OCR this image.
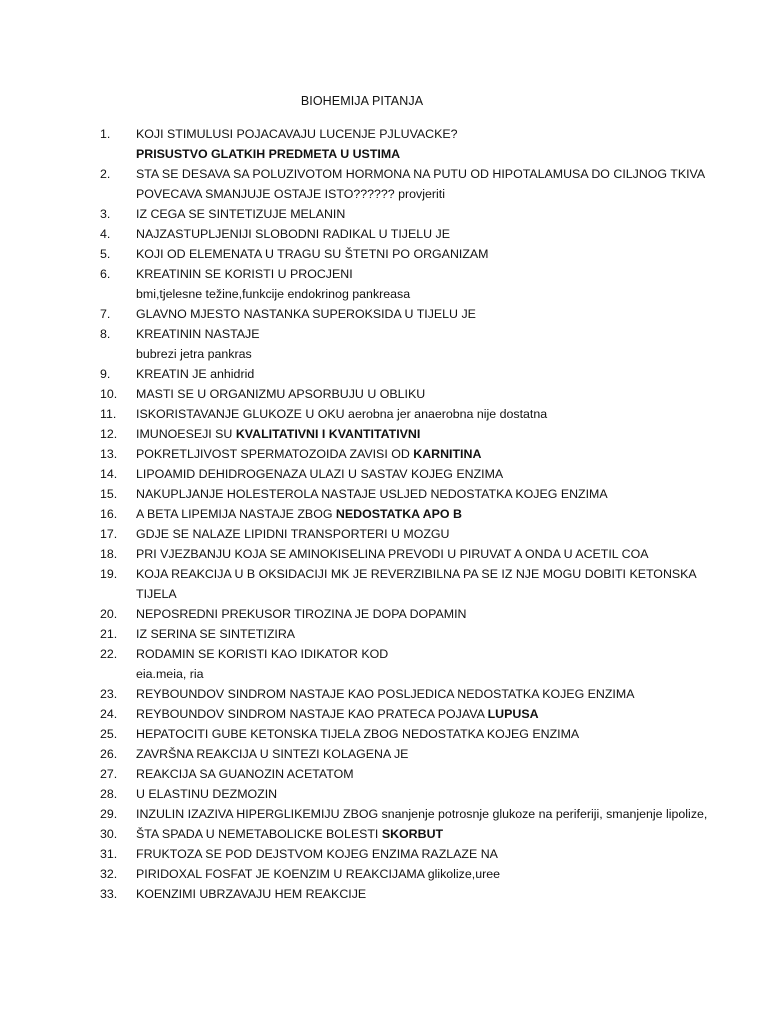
BIOHEMIJA PITANJA
1.	KOJI STIMULUSI POJACAVAJU LUCENJE PJLUVACKE?
PRISUSTVO GLATKIH PREDMETA U USTIMA
2.	STA SE DESAVA SA POLUZIVOTOM HORMONA NA PUTU OD HIPOTALAMUSA DO CILJNOG TKIVA
POVECAVA SMANJUJE OSTAJE ISTO?????? provjeriti
3.	IZ CEGA SE SINTETIZUJE MELANIN
4.	NAJZASTUPLJENIJI SLOBODNI RADIKAL U TIJELU JE
5.	KOJI OD ELEMENATA U TRAGU SU ŠTETNI PO ORGANIZAM
6.	KREATININ SE KORISTI U PROCJENI
bmi,tjelesne težine,funkcije endokrinog pankreasa
7.	GLAVNO MJESTO NASTANKA SUPEROKSIDA U TIJELU JE
8.	KREATININ NASTAJE
bubrezi jetra pankras
9.	KREATIN JE anhidrid
10.	MASTI SE U ORGANIZMU APSORBUJU U OBLIKU
11.	ISKORISTAVANJE GLUKOZE U OKU aerobna jer anaerobna nije dostatna
12.	IMUNOESEJI SU KVALITATIVNI I KVANTITATIVNI
13.	POKRETLJIVOST SPERMATOZOIDA ZAVISI OD KARNITINA
14.	LIPOAMID DEHIDROGENAZA ULAZI U SASTAV KOJEG ENZIMA
15.	NAKUPLJANJE HOLESTEROLA NASTAJE USLJED NEDOSTATKA KOJEG ENZIMA
16.	A BETA LIPEMIJA NASTAJE ZBOG NEDOSTATKA APO B
17.	GDJE SE NALAZE LIPIDNI TRANSPORTERI U MOZGU
18.	PRI VJEZBANJU KOJA SE AMINOKISELINA PREVODI U PIRUVAT A ONDA U ACETIL COA
19.	KOJA REAKCIJA U B OKSIDACIJI MK JE REVERZIBILNA PA SE IZ NJE MOGU DOBITI KETONSKA TIJELA
20.	NEPOSREDNI PREKUSOR TIROZINA JE DOPA DOPAMIN
21.	IZ SERINA SE SINTETIZIRA
22.	RODAMIN SE KORISTI KAO IDIKATOR KOD
eia.meia, ria
23.	REYBOUNDOV SINDROM NASTAJE KAO POSLJEDICA NEDOSTATKA KOJEG ENZIMA
24.	REYBOUNDOV SINDROM NASTAJE KAO PRATECA POJAVA LUPUSA
25.	HEPATOCITI GUBE KETONSKA TIJELA ZBOG NEDOSTATKA KOJEG ENZIMA
26.	ZAVRŠNA REAKCIJA U SINTEZI KOLAGENA JE
27.	REAKCIJA SA GUANOZIN ACETATOM
28.	U ELASTINU DEZMOZIN
29.	INZULIN IZAZIVA HIPERGLIKEMIJU ZBOG snanjenje potrosnje glukoze na periferiji, smanjenje lipolize,
30.	ŠTA SPADA U NEMETABOLICKE BOLESTI SKORBUT
31.	FRUKTOZA SE POD DEJSTVOM KOJEG ENZIMA RAZLAZE NA
32.	PIRIDOXAL FOSFAT JE KOENZIM U REAKCIJAMA glikolize,uree
33.	KOENZIMI UBRZAVAJU HEM REAKCIJE
